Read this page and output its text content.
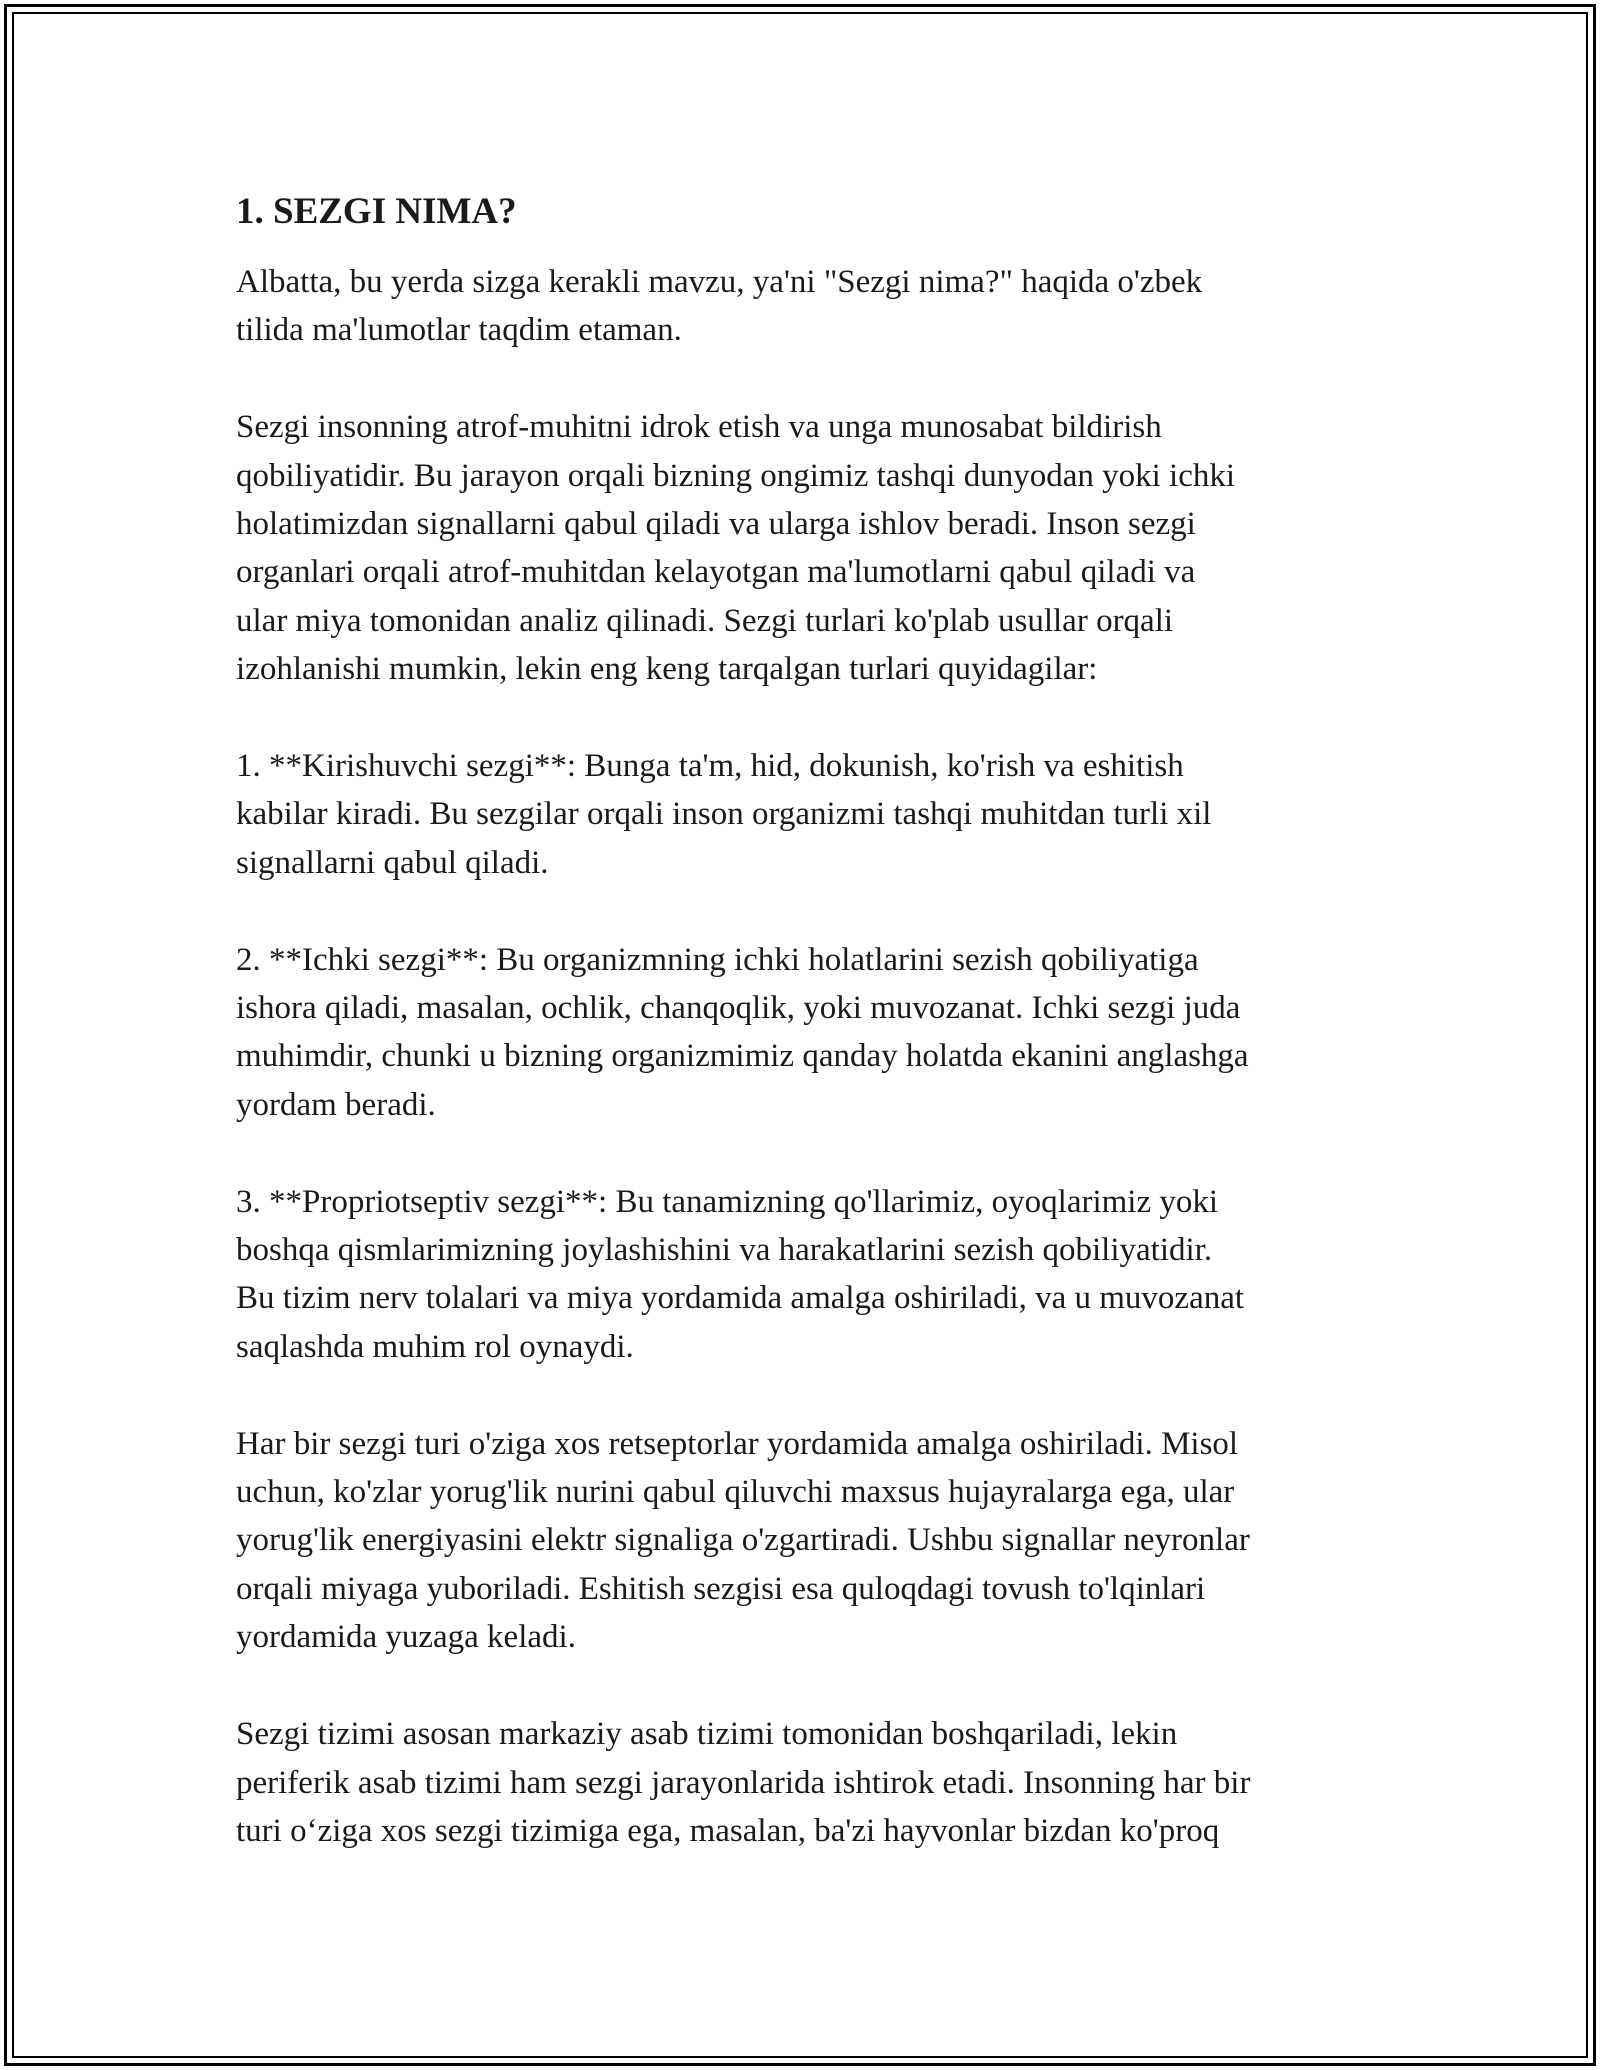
1. SEZGI NIMA?

Albatta, bu yerda sizga kerakli mavzu, ya'ni "Sezgi nima?" haqida o'zbek
tilida ma'lumotlar taqdim etaman.

Sezgi insonning atrof-muhitni idrok etish va unga munosabat bildirish
qobiliyatidir. Bu jarayon orqali bizning ongimiz tashqi dunyodan yoki ichki
holatimizdan signallarni qabul qiladi va ularga ishlov beradi. Inson sezgi
organlari orqali atrof-muhitdan kelayotgan ma'lumotlarni qabul qiladi va
ular miya tomonidan analiz qilinadi. Sezgi turlari ko'plab usullar orqali
izohlanishi mumkin, lekin eng keng tarqalgan turlari quyidagilar:

1. **Kirishuvchi sezgi**: Bunga ta'm, hid, dokunish, ko'rish va eshitish
kabilar kiradi. Bu sezgilar orqali inson organizmi tashqi muhitdan turli xil
signallarni qabul qiladi.

2. **Ichki sezgi**: Bu organizmning ichki holatlarini sezish qobiliyatiga
ishora qiladi, masalan, ochlik, chanqoqlik, yoki muvozanat. Ichki sezgi juda
muhimdir, chunki u bizning organizmimiz qanday holatda ekanini anglashga
yordam beradi.

3. **Propriotseptiv sezgi**: Bu tanamizning qo'llarimiz, oyoqlarimiz yoki
boshqa qismlarimizning joylashishini va harakatlarini sezish qobiliyatidir.
Bu tizim nerv tolalari va miya yordamida amalga oshiriladi, va u muvozanat
saqlashda muhim rol oynaydi.

Har bir sezgi turi o'ziga xos retseptorlar yordamida amalga oshiriladi. Misol
uchun, ko'zlar yorug'lik nurini qabul qiluvchi maxsus hujayralarga ega, ular
yorug'lik energiyasini elektr signaliga o'zgartiradi. Ushbu signallar neyronlar
orqali miyaga yuboriladi. Eshitish sezgisi esa quloqdagi tovush to'lqinlari
yordamida yuzaga keladi.

Sezgi tizimi asosan markaziy asab tizimi tomonidan boshqariladi, lekin
periferik asab tizimi ham sezgi jarayonlarida ishtirok etadi. Insonning har bir
turi o‘ziga xos sezgi tizimiga ega, masalan, ba'zi hayvonlar bizdan ko'proq
